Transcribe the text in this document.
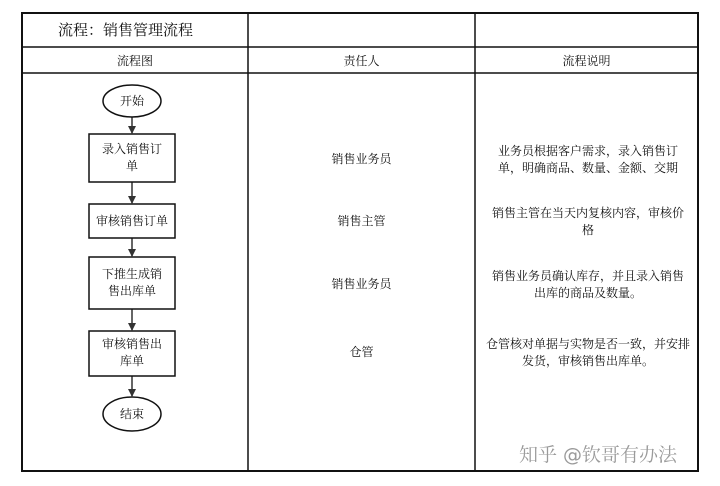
流程：销售管理流程
流程图	责任人	流程说明
开始
录入销售订
单
审核销售订单
下推生成销
售出库单
审核销售出
库单
结束
销售业务员
销售主管
销售业务员
仓管
业务员根据客户需求，录入销售订
单，明确商品、数量、金额、交期
销售主管在当天内复核内容，审核价
格
销售业务员确认库存，并且录入销售
出库的商品及数量。
仓管核对单据与实物是否一致，并安排
发货，审核销售出库单。
知乎 @钦哥有办法
